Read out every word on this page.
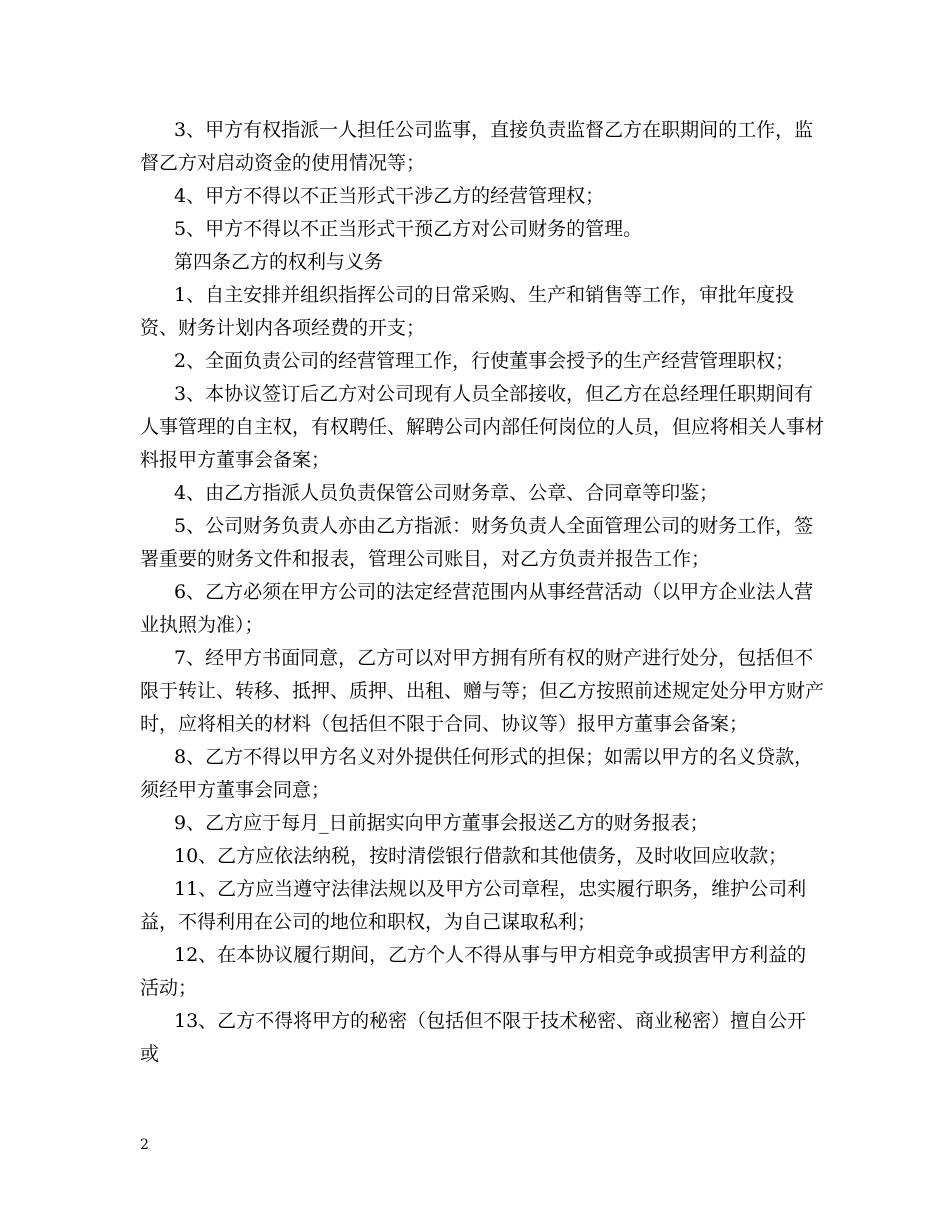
3、甲方有权指派一人担任公司监事，直接负责监督乙方在职期间的工作，监督乙方对启动资金的使用情况等；

4、甲方不得以不正当形式干涉乙方的经营管理权；

5、甲方不得以不正当形式干预乙方对公司财务的管理。

第四条乙方的权利与义务

1、自主安排并组织指挥公司的日常采购、生产和销售等工作，审批年度投资、财务计划内各项经费的开支；

2、全面负责公司的经营管理工作，行使董事会授予的生产经营管理职权；

3、本协议签订后乙方对公司现有人员全部接收，但乙方在总经理任职期间有人事管理的自主权，有权聘任、解聘公司内部任何岗位的人员，但应将相关人事材料报甲方董事会备案；

4、由乙方指派人员负责保管公司财务章、公章、合同章等印鉴；

5、公司财务负责人亦由乙方指派：财务负责人全面管理公司的财务工作，签署重要的财务文件和报表，管理公司账目，对乙方负责并报告工作；

6、乙方必须在甲方公司的法定经营范围内从事经营活动（以甲方企业法人营业执照为准）；

7、经甲方书面同意，乙方可以对甲方拥有所有权的财产进行处分，包括但不限于转让、转移、抵押、质押、出租、赠与等；但乙方按照前述规定处分甲方财产时，应将相关的材料（包括但不限于合同、协议等）报甲方董事会备案；

8、乙方不得以甲方名义对外提供任何形式的担保；如需以甲方的名义贷款，须经甲方董事会同意；

9、乙方应于每月_日前据实向甲方董事会报送乙方的财务报表；

10、乙方应依法纳税，按时清偿银行借款和其他债务，及时收回应收款；

11、乙方应当遵守法律法规以及甲方公司章程，忠实履行职务，维护公司利益，不得利用在公司的地位和职权，为自己谋取私利；

12、在本协议履行期间，乙方个人不得从事与甲方相竞争或损害甲方利益的活动；

13、乙方不得将甲方的秘密（包括但不限于技术秘密、商业秘密）擅自公开或

2
